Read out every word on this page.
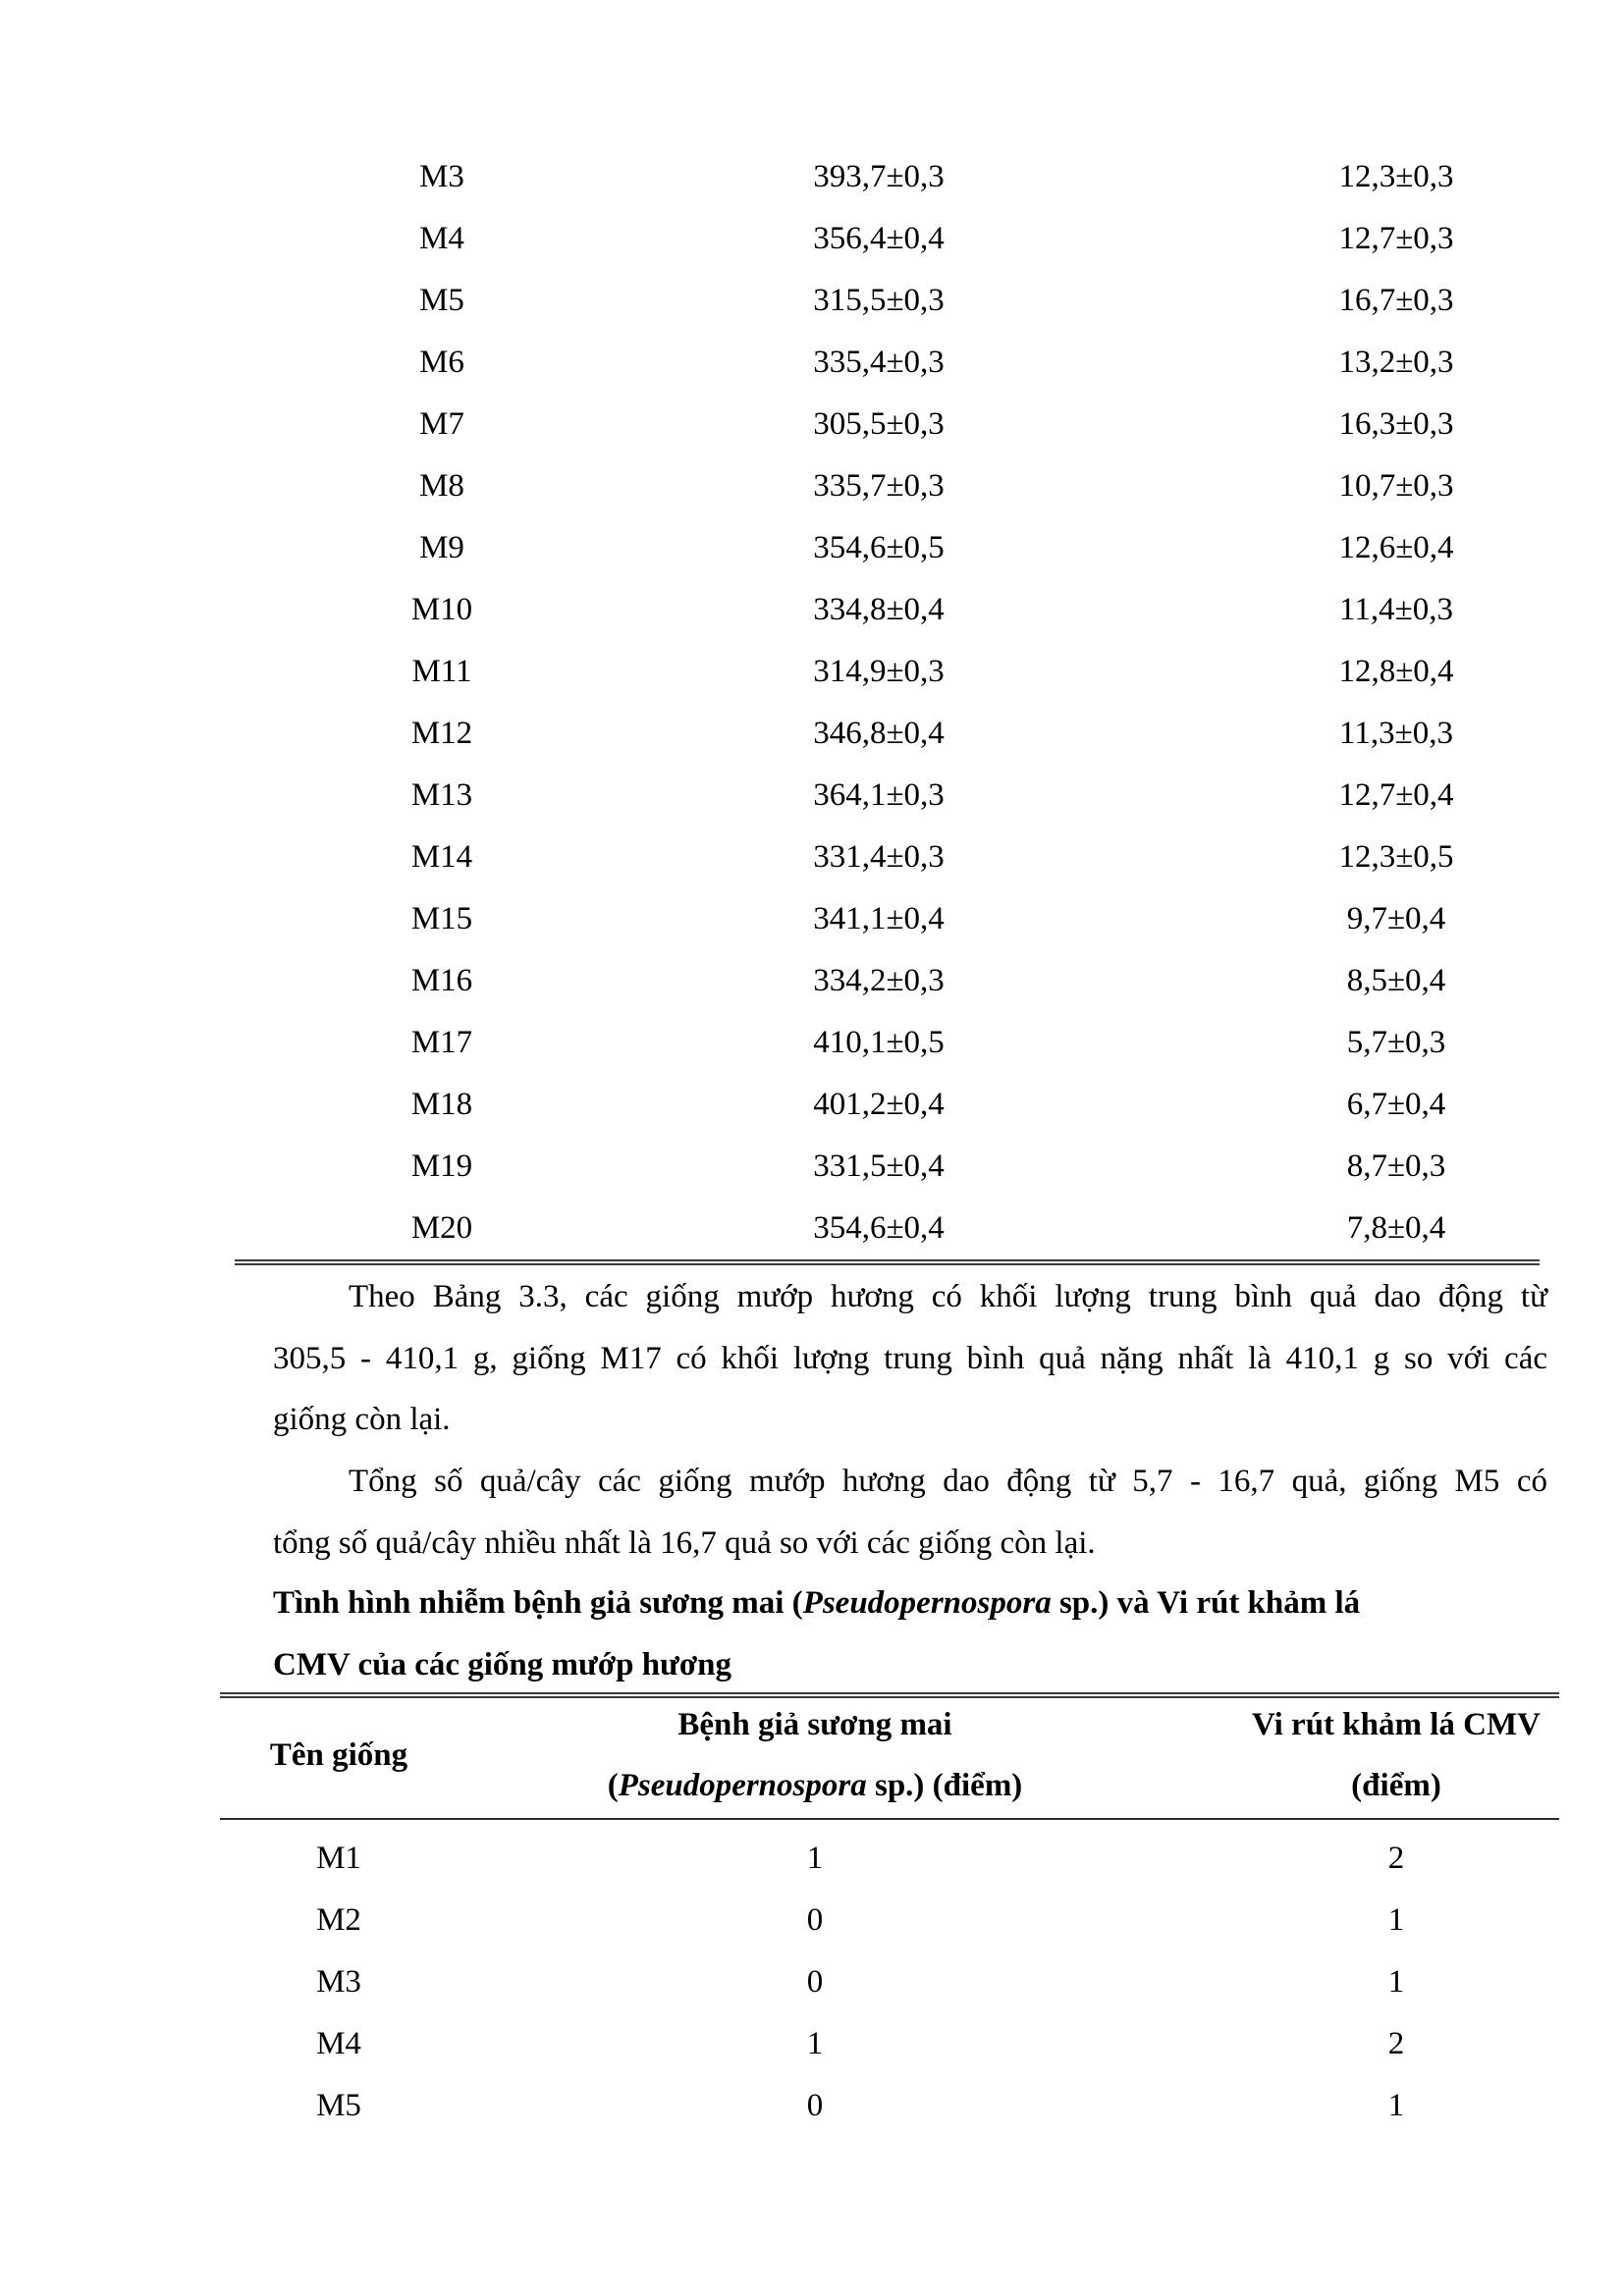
M3	393,7±0,3	12,3±0,3
M4	356,4±0,4	12,7±0,3
M5	315,5±0,3	16,7±0,3
M6	335,4±0,3	13,2±0,3
M7	305,5±0,3	16,3±0,3
M8	335,7±0,3	10,7±0,3
M9	354,6±0,5	12,6±0,4
M10	334,8±0,4	11,4±0,3
M11	314,9±0,3	12,8±0,4
M12	346,8±0,4	11,3±0,3
M13	364,1±0,3	12,7±0,4
M14	331,4±0,3	12,3±0,5
M15	341,1±0,4	9,7±0,4
M16	334,2±0,3	8,5±0,4
M17	410,1±0,5	5,7±0,3
M18	401,2±0,4	6,7±0,4
M19	331,5±0,4	8,7±0,3
M20	354,6±0,4	7,8±0,4
Theo Bảng 3.3, các giống mướp hương có khối lượng trung bình quả dao động từ
305,5 - 410,1 g, giống M17 có khối lượng trung bình quả nặng nhất là 410,1 g so với các
giống còn lại.
Tổng số quả/cây các giống mướp hương dao động từ 5,7 - 16,7 quả, giống M5 có
tổng số quả/cây nhiều nhất là 16,7 quả so với các giống còn lại.
Tình hình nhiễm bệnh giả sương mai (Pseudopernospora sp.) và Vi rút khảm lá
CMV của các giống mướp hương
Tên giống
Bệnh giả sương mai
(Pseudopernospora sp.) (điểm)
Vi rút khảm lá CMV
(điểm)
M1	1	2
M2	0	1
M3	0	1
M4	1	2
M5	0	1
